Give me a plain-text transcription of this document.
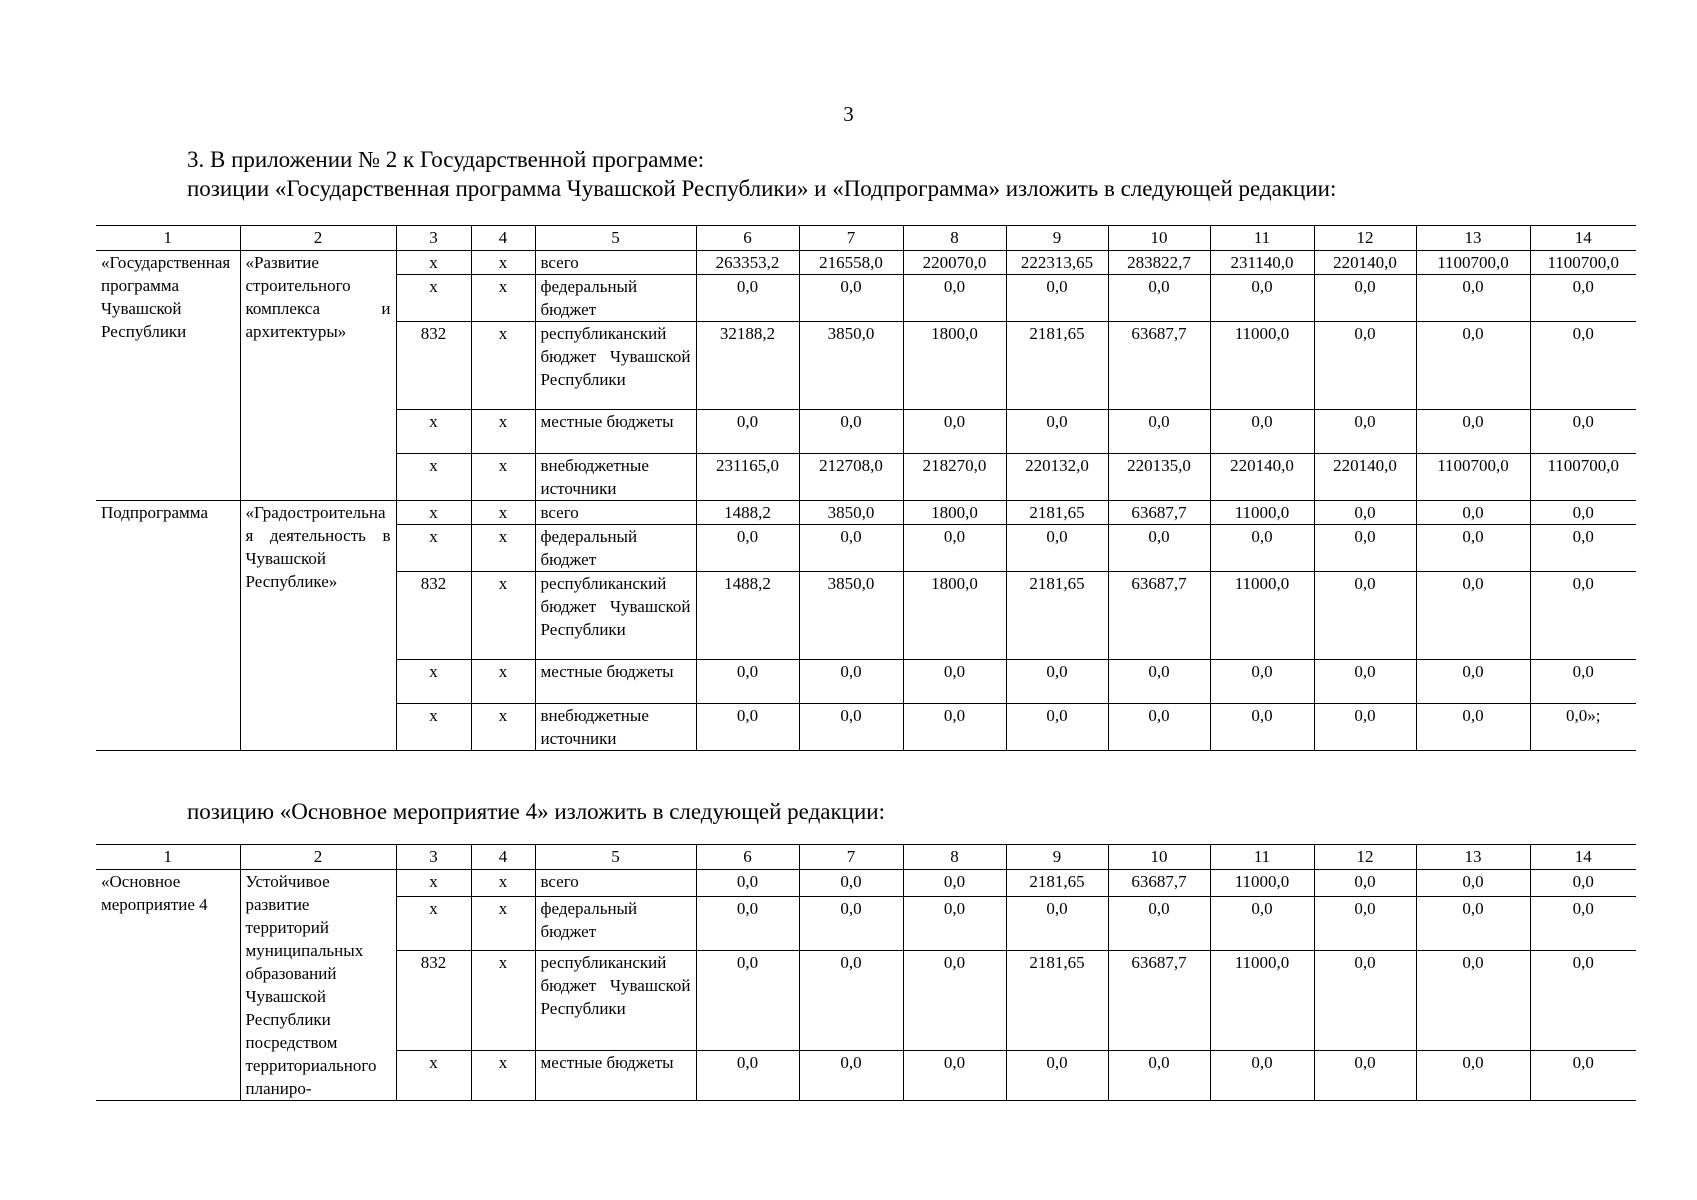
3
3. В приложении № 2 к Государственной программе:
позиции «Государственная программа Чувашской Республики» и «Подпрограмма» изложить в следующей редакции:
1	2	3	4	5	6	7	8	9	10	11	12	13	14
«Государственная программа Чувашской Республики	«Развитие строительного комплекса и архитектуры»	х	х	всего	263353,2	216558,0	220070,0	222313,65	283822,7	231140,0	220140,0	1100700,0	1100700,0
		х	х	федеральный бюджет	0,0	0,0	0,0	0,0	0,0	0,0	0,0	0,0	0,0
		832	х	республиканский бюджет Чувашской Республики	32188,2	3850,0	1800,0	2181,65	63687,7	11000,0	0,0	0,0	0,0
		х	х	местные бюджеты	0,0	0,0	0,0	0,0	0,0	0,0	0,0	0,0	0,0
		х	х	внебюджетные источники	231165,0	212708,0	218270,0	220132,0	220135,0	220140,0	220140,0	1100700,0	1100700,0
Подпрограмма	«Градостроительная деятельность в Чувашской Республике»	х	х	всего	1488,2	3850,0	1800,0	2181,65	63687,7	11000,0	0,0	0,0	0,0
		х	х	федеральный бюджет	0,0	0,0	0,0	0,0	0,0	0,0	0,0	0,0	0,0
		832	х	республиканский бюджет Чувашской Республики	1488,2	3850,0	1800,0	2181,65	63687,7	11000,0	0,0	0,0	0,0
		х	х	местные бюджеты	0,0	0,0	0,0	0,0	0,0	0,0	0,0	0,0	0,0
		х	х	внебюджетные источники	0,0	0,0	0,0	0,0	0,0	0,0	0,0	0,0	0,0»;
позицию «Основное мероприятие 4» изложить в следующей редакции:
1	2	3	4	5	6	7	8	9	10	11	12	13	14
«Основное мероприятие 4	Устойчивое развитие территорий муниципальных образований Чувашской Республики посредством территориального планиро-	х	х	всего	0,0	0,0	0,0	2181,65	63687,7	11000,0	0,0	0,0	0,0
		х	х	федеральный бюджет	0,0	0,0	0,0	0,0	0,0	0,0	0,0	0,0	0,0
		832	х	республиканский бюджет Чувашской Республики	0,0	0,0	0,0	2181,65	63687,7	11000,0	0,0	0,0	0,0
		х	х	местные бюджеты	0,0	0,0	0,0	0,0	0,0	0,0	0,0	0,0	0,0
